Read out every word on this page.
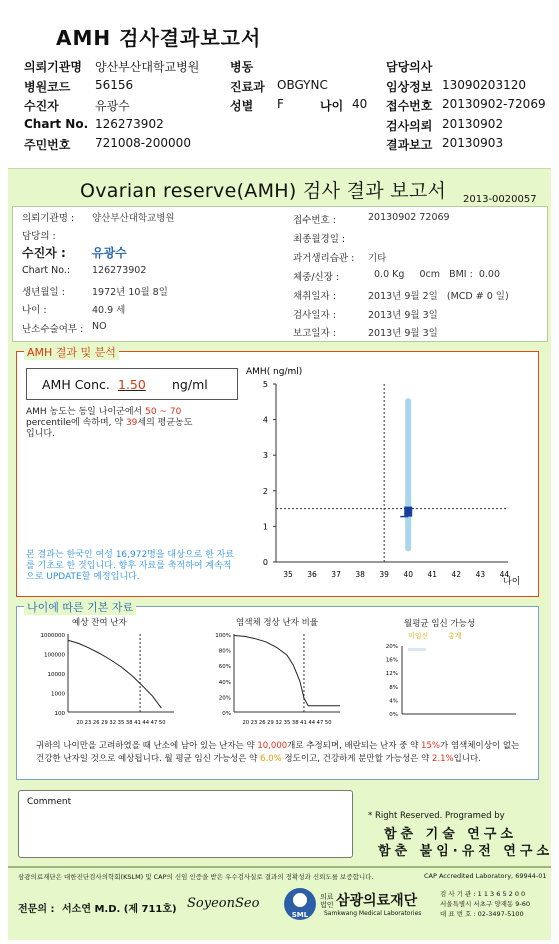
AMH 검사결과보고서
의뢰기관명 양산부산대학교병원
병원코드 56156
수진자	유광수
Chart No. 126273902
주민번호 721008-200000
병동
진료과 OBGYNC
성별 F	나이 40
담당의사
임상정보 13090203120
접수번호 20130902-72069
검사의뢰 20130902
결과보고 20130903
Ovarian reserve(AMH) 검사 결과 보고서 2013-0020057
의뢰기관명 : 양산부산대학교병원
담당의 :
수진자 : 유광수
Chart No.: 126273902
생년월일 :	1972년 10월 8일
나이 :	40.9 세
난소수술여부 : NO
접수번호 :	20130902 72069
최종월경일 :
과거생리습관 : 기타
체중/신장 :	0.0 Kg     0cm   BMI :  0.00
채취일자 :	2013년 9월 2일   (MCD # 0 일)
검사일자 :	2013년 9월 3일
보고일자 :	2013년 9월 3일
AMH 결과 및 분석
AMH Conc. 1.50 ng/ml
AMH 농도는 동일 나이군에서 50 ~ 70
percentile에 속하며, 약 39세의 평균농도
입니다.
본 결과는 한국인 여성 16,972명을 대상으로 한 자료를 기초로 한 것입니다. 향후 자료를 축적하여 계속적으로 UPDATE할 예정입니다.
AMH( ng/ml)
나이
0
1
2
3
4
5
35 36 37 38 39 40 41 42 43 44
나이에 따른 기본 자료
예상 잔여 난자	염색체 정상 난자 비율	월평균 임신 가능성
1000000
100000
10000
1000
100
20 23 26 29 32 35 38 41 44 47 50
100%
80%
60%
40%
20%
0%
20 23 26 29 32 35 38 41 44 47 50
20%
16%
12%
8%
4%
0%
미임신	총계
귀하의 나이만을 고려하였을 때 난소에 남아 있는 난자는 약 10,000개로 추정되며, 배란되는 난자 중 약 15%가 염색체이상이 없는 건강한 난자일 것으로 예상됩니다. 월 평균 임신 가능성은 약 6.0% 정도이고, 건강하게 분만할 가능성은 약 2.1%입니다.
Comment
* Right Reserved. Programed by
함춘 기술 연구소
함춘 불임·유전 연구소
삼광의료재단은 대한진단검사의학회(KSLM) 및 CAP의 신임 인증을 받은 우수검사실로 결과의 정확성과 신뢰도를 보증합니다.	CAP Accredited Laboratory, 69944-01
전문의 : 서소연 M.D. (제 711호) SoyeonSeo
SML
의료법인 삼광의료재단
Samkwang Medical Laboratories
검 사 기 관 : 1 1 3 6 5 2 0 0
서울특별시 서초구 양재동 9-60
대 표 번 호 : 02-3497-5100
